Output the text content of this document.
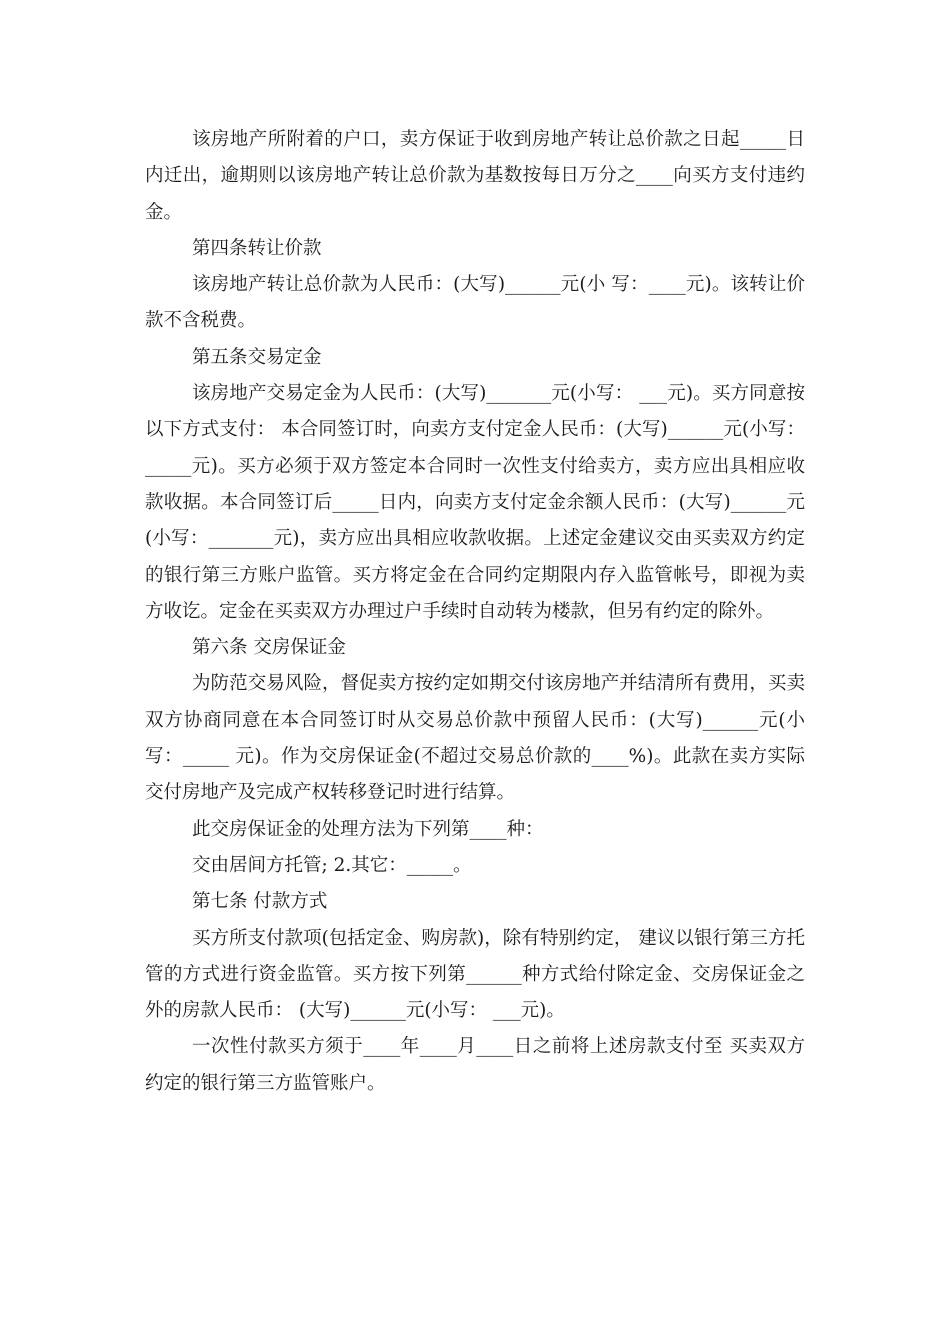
该房地产所附着的户口，卖方保证于收到房地产转让总价款之日起_____日内迁出，逾期则以该房地产转让总价款为基数按每日万分之____向买方支付违约金。

第四条转让价款

该房地产转让总价款为人民币：(大写)______元(小 写：____元)。该转让价款不含税费。

第五条交易定金

该房地产交易定金为人民币：(大写)_______元(小写： ___元)。买方同意按以下方式支付： 本合同签订时，向卖方支付定金人民币：(大写)______元(小写：_____元)。买方必须于双方签定本合同时一次性支付给卖方，卖方应出具相应收款收据。本合同签订后_____日内，向卖方支付定金余额人民币：(大写)______元(小写：_______元)，卖方应出具相应收款收据。上述定金建议交由买卖双方约定的银行第三方账户监管。买方将定金在合同约定期限内存入监管帐号，即视为卖方收讫。定金在买卖双方办理过户手续时自动转为楼款，但另有约定的除外。

第六条 交房保证金

为防范交易风险，督促卖方按约定如期交付该房地产并结清所有费用，买卖双方协商同意在本合同签订时从交易总价款中预留人民币：(大写)______元(小写：_____ 元)。作为交房保证金(不超过交易总价款的____%)。此款在卖方实际交付房地产及完成产权转移登记时进行结算。

此交房保证金的处理方法为下列第____种：

交由居间方托管; 2.其它：_____。

第七条 付款方式

买方所支付款项(包括定金、购房款)，除有特别约定， 建议以银行第三方托管的方式进行资金监管。买方按下列第______种方式给付除定金、交房保证金之外的房款人民币： (大写)______元(小写： ___元)。

一次性付款买方须于____年____月____日之前将上述房款支付至 买卖双方约定的银行第三方监管账户。
